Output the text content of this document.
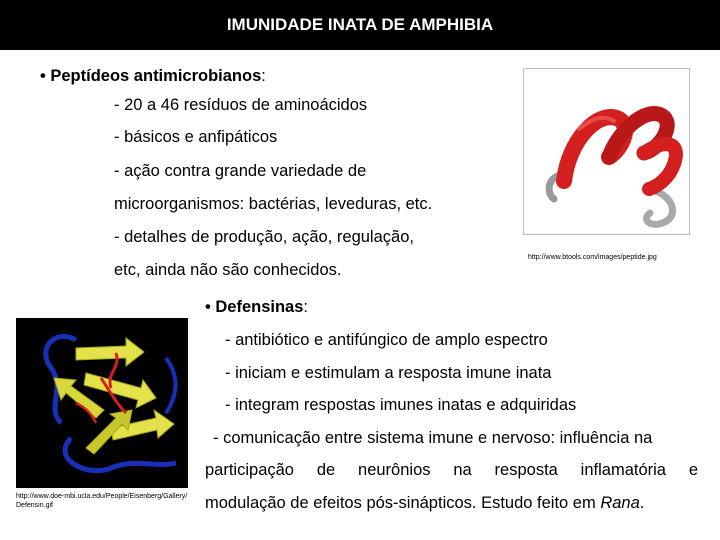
IMUNIDADE INATA DE AMPHIBIA
• Peptídeos antimicrobianos:
- 20 a 46 resíduos de aminoácidos
- básicos e anfipáticos
- ação contra grande variedade de
microorganismos: bactérias, leveduras, etc.
- detalhes de produção, ação, regulação,
etc, ainda não são conhecidos.
http://www.btools.com/images/peptide.jpg
• Defensinas:
- antibiótico e antifúngico de amplo espectro
- iniciam e estimulam a resposta imune inata
- integram respostas imunes inatas e adquiridas
- comunicação entre sistema imune e nervoso: influência na
participação de neurônios na resposta inflamatória e
modulação de efeitos pós-sinápticos. Estudo feito em Rana.
http://www.doe-mbi.ucla.edu/People/Eisenberg/Gallery/Defensin.gif
